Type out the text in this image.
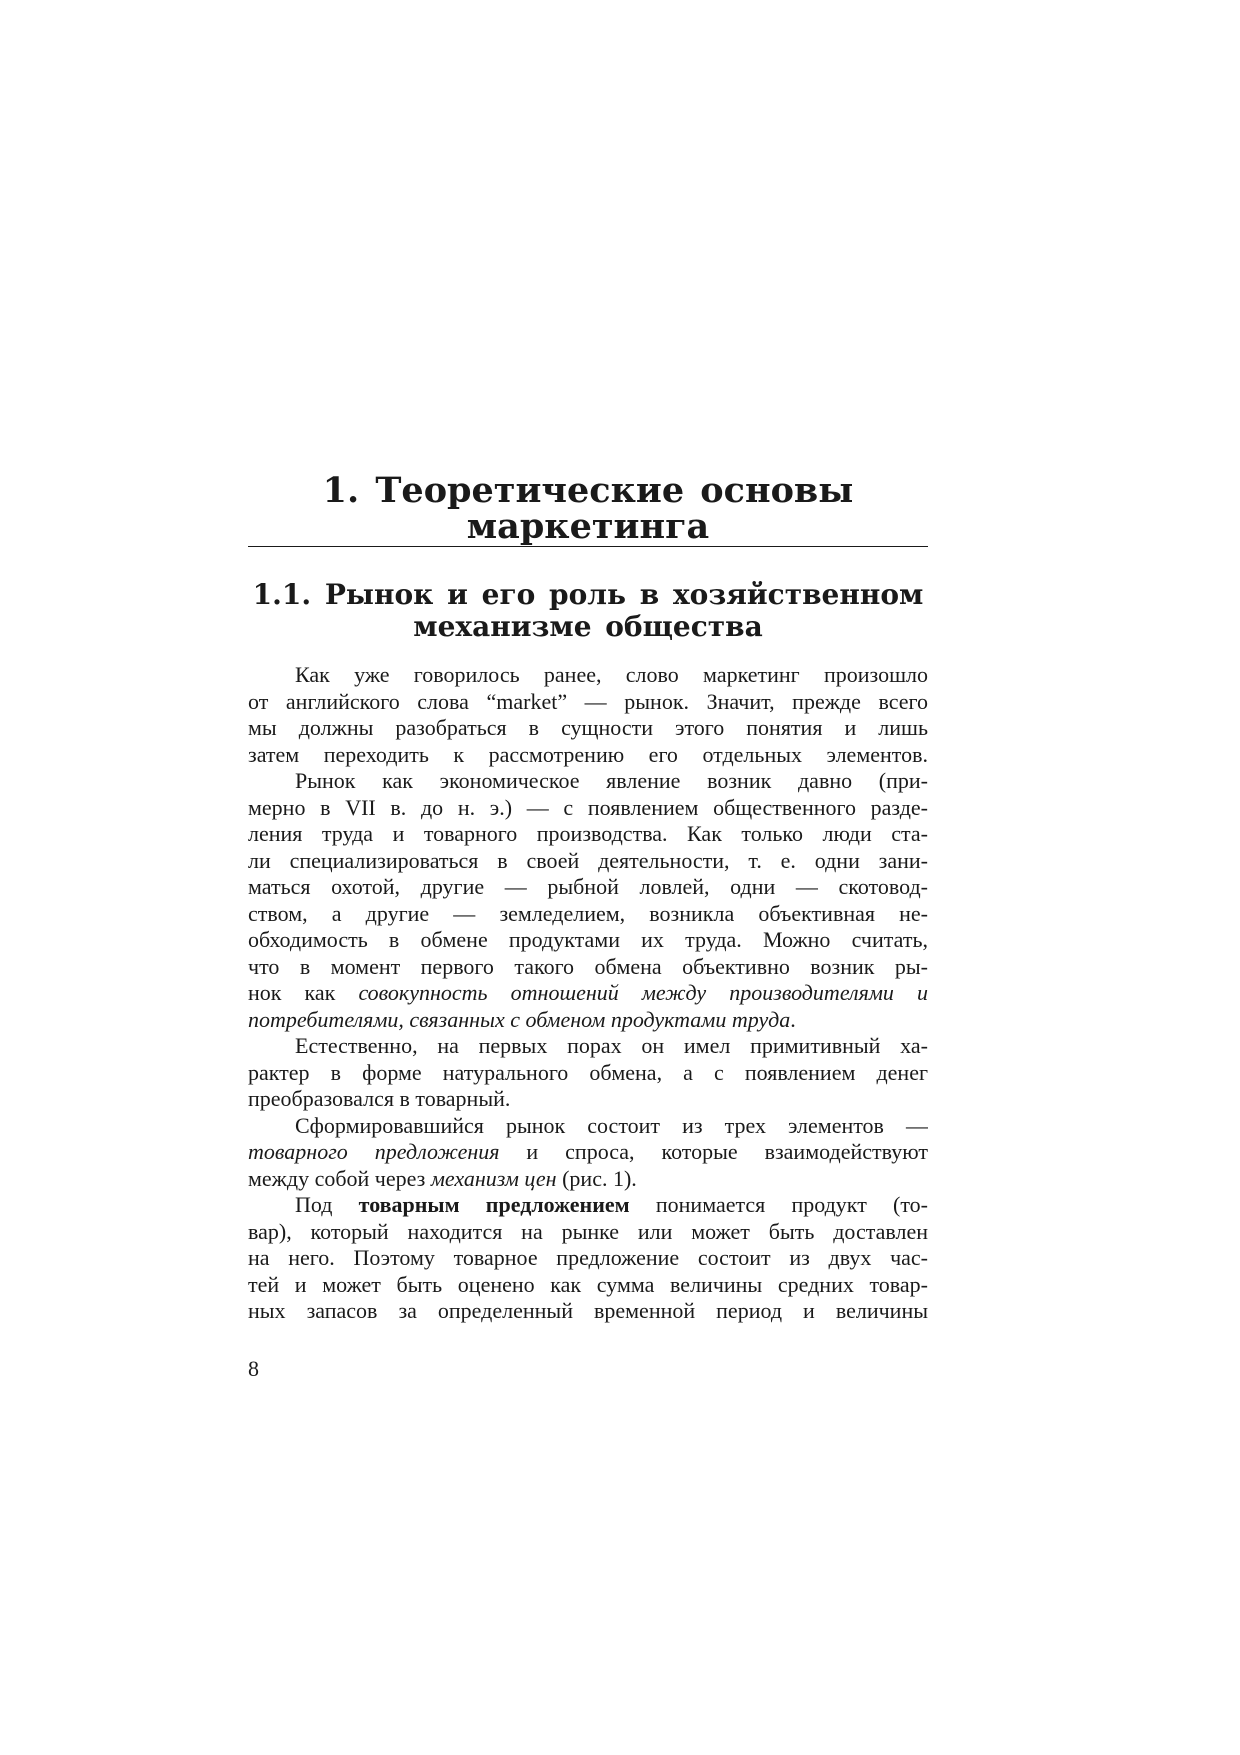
1. Теоретические основы
маркетинга
1.1. Рынок и его роль в хозяйственном
механизме общества

Как уже говорилось ранее, слово маркетинг произошло
от английского слова “market” — рынок. Значит, прежде всего
мы должны разобраться в сущности этого понятия и лишь
затем переходить к рассмотрению его отдельных элементов.

Рынок как экономическое явление возник давно (при-
мерно в VII в. до н. э.) — с появлением общественного разде-
ления труда и товарного производства. Как только люди ста-
ли специализироваться в своей деятельности, т. е. одни зани-
маться охотой, другие — рыбной ловлей, одни — скотовод-
ством, а другие — земледелием, возникла объективная не-
обходимость в обмене продуктами их труда. Можно считать,
что в момент первого такого обмена объективно возник ры-
нок как совокупность отношений между производителями и
потребителями, связанных с обменом продуктами труда.

Естественно, на первых порах он имел примитивный ха-
рактер в форме натурального обмена, а с появлением денег
преобразовался в товарный.

Сформировавшийся рынок состоит из трех элементов —
товарного предложения и спроса, которые взаимодействуют
между собой через механизм цен (рис. 1).

Под товарным предложением понимается продукт (то-
вар), который находится на рынке или может быть доставлен
на него. Поэтому товарное предложение состоит из двух час-
тей и может быть оценено как сумма величины средних товар-
ных запасов за определенный временной период и величины

8
